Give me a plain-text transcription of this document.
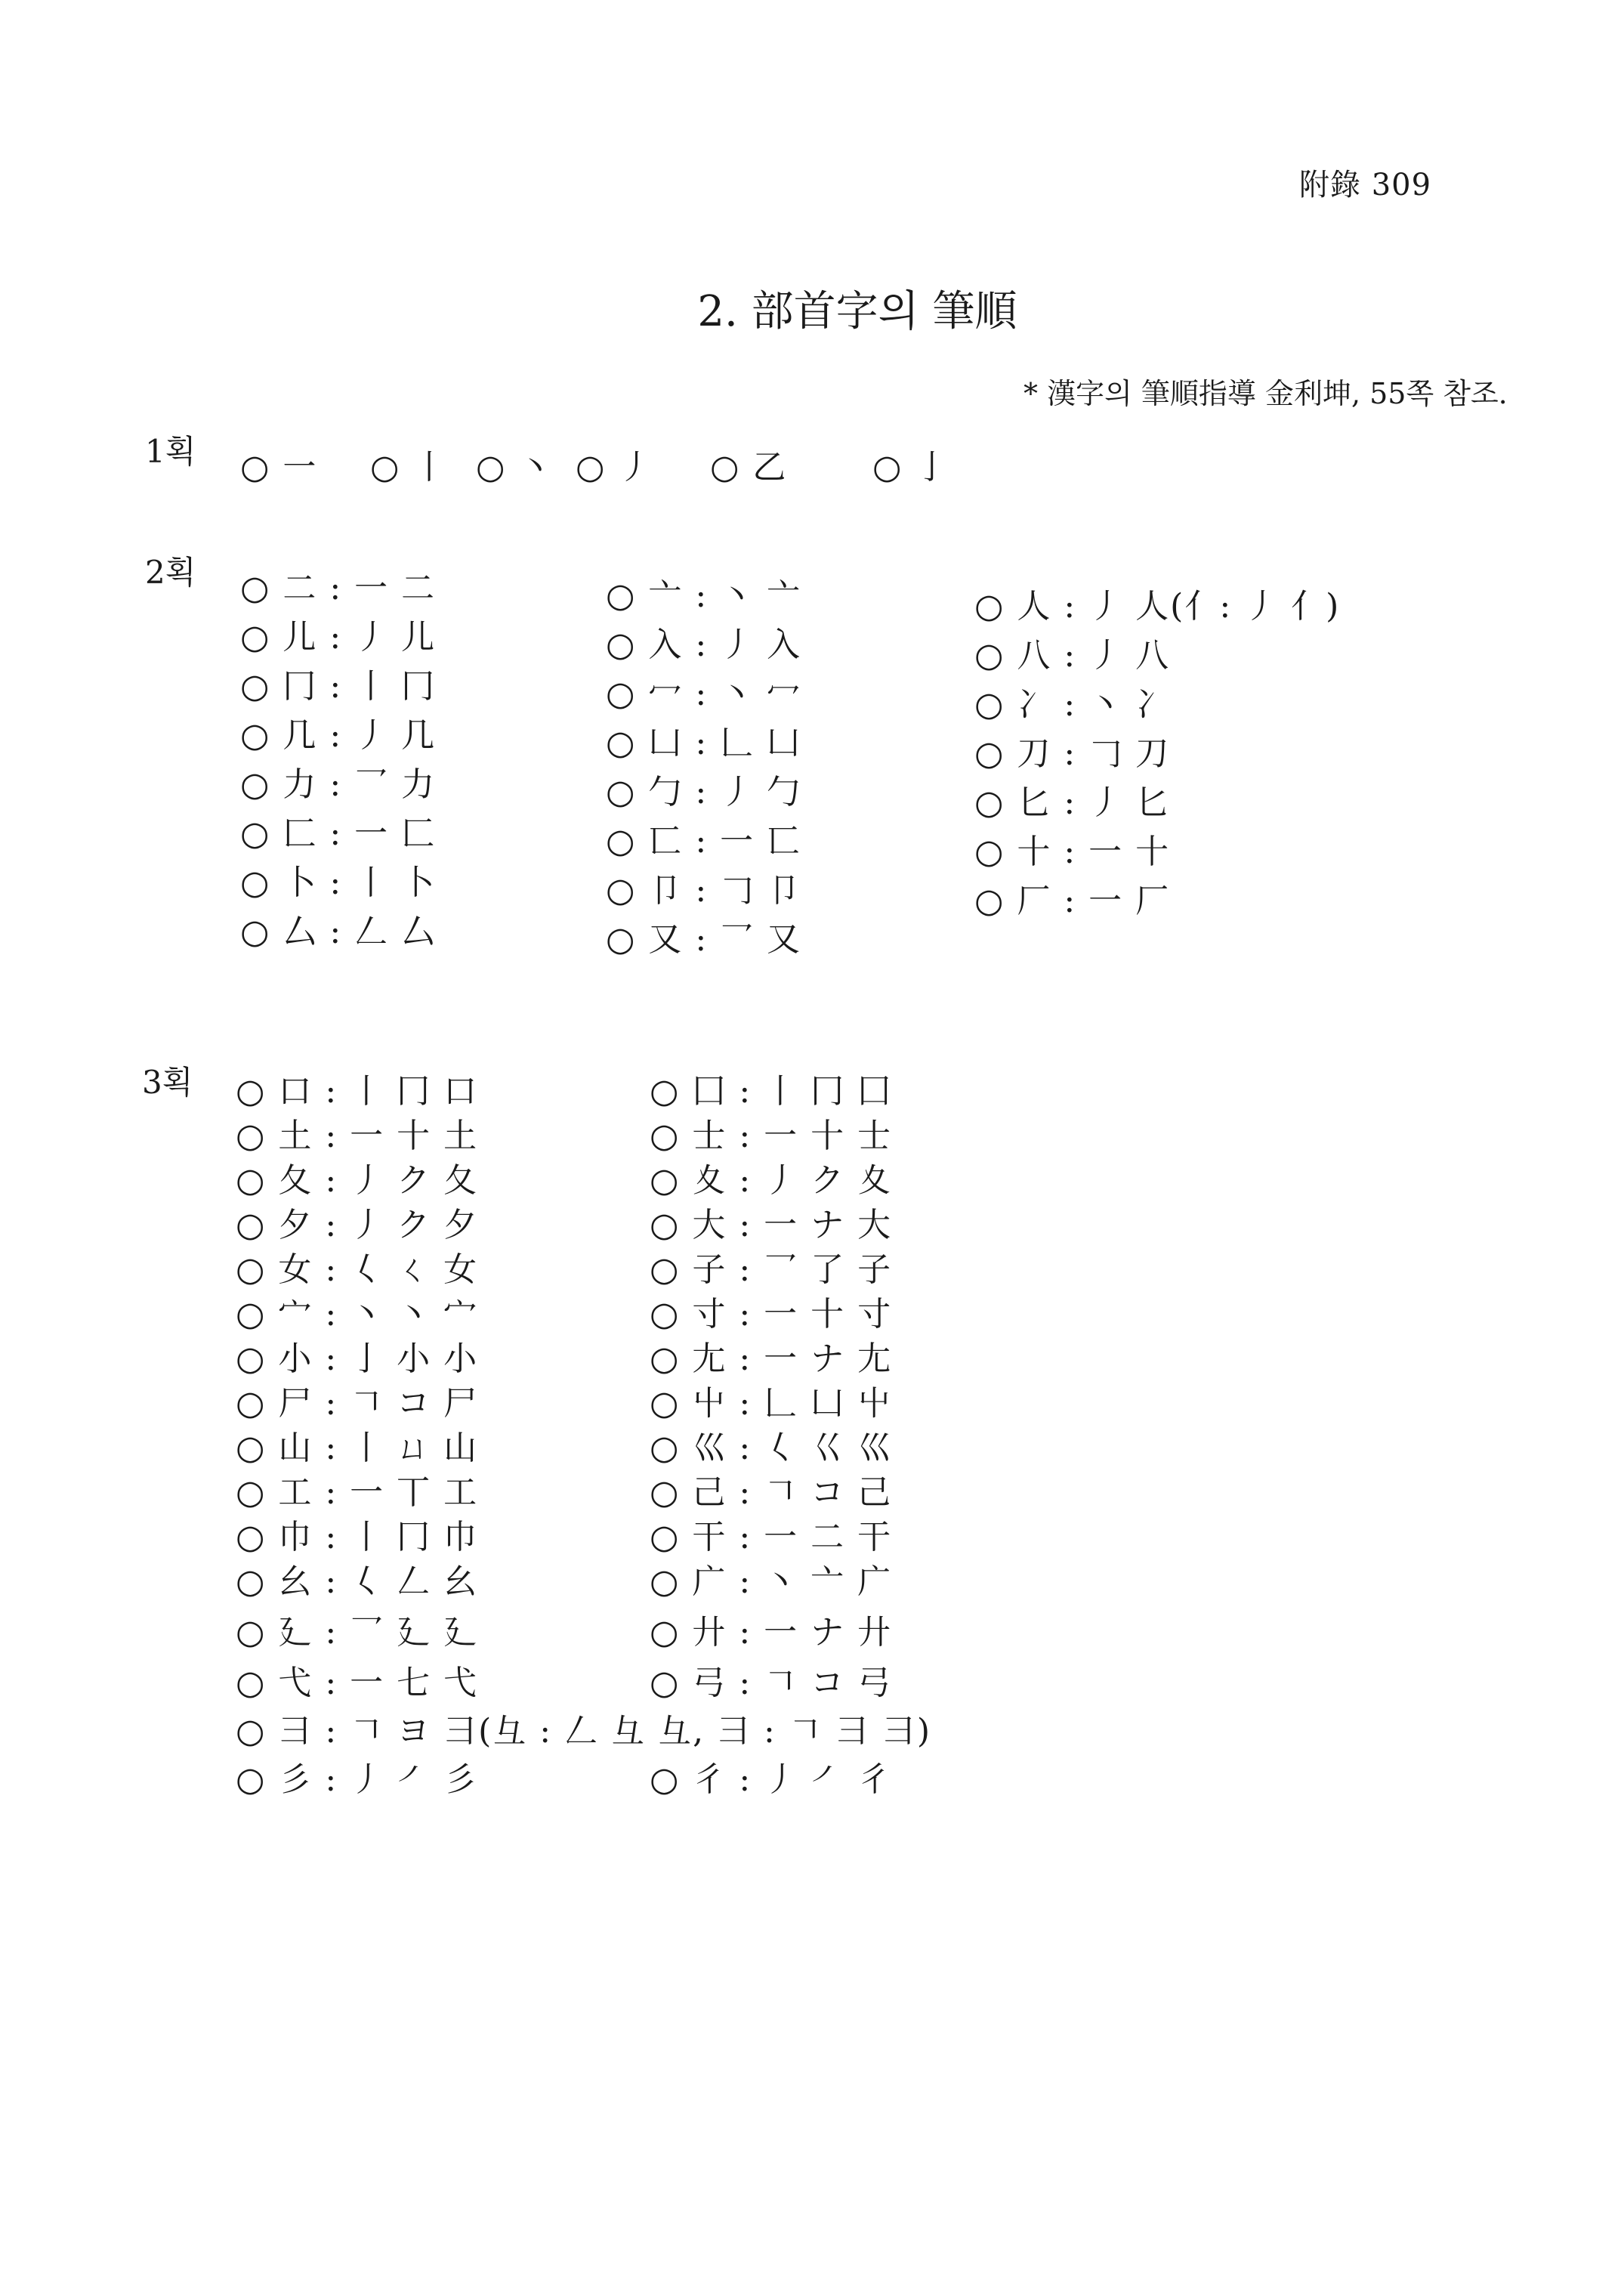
附錄 309
2. 部首字의 筆順
* 漢字의 筆順指導 金利坤, 55쪽 참조.
1획 ○ 一 ○ 丨 ○ 丶 ○ 丿 ○ 乙	○ 亅
2획 ○ 二 : 一 二
○ 儿 : 丿 儿
○ 冂 : 丨 冂
○ 几 : 丿 几
○ 力 : 乛 力
○ 匚 : 一 匚
○ 卜 : 丨 卜
○ 厶 : 𠃋 厶
○ 亠 : 丶 亠
○ 入 : 丿 入
○ 冖 : 丶 冖
○ 凵 : 𠃊 凵
○ 勹 : 丿 勹
○ 匸 : 一 匸
○ 卩 : 𠃌 卩
○ 又 : 乛 又
○ 人 : 丿 人(亻: 丿 亻)
○ 八 : 丿 八
○ 冫 : 丶 冫
○ 刀 : 𠃌 刀
○ 匕 : 丿 匕
○ 十 : 一 十
○ 厂 : 一 厂
3획 ○ 口 : 丨 冂 口
○ 土 : 一 十 土
○ 夂 : 丿 ク 夂
○ 夕 : 丿 ク 夕
○ 女 : 𡿨 ㄑ 女
○ 宀 : 丶 丶 宀
○ 小 : 亅 小 小
○ 尸 : 𠃍 コ 尸
○ 山 : 丨 ㄩ 山
○ 工 : 一 丅 工
○ 巾 : 丨 冂 巾
○ 幺 : 𡿨 𠃋 幺
○ 廴 : 乛 廴 廴
○ 弋 : 一 七 弋
○ 囗 : 丨 冂 囗
○ 士 : 一 十 士
○ 夊 : 丿 ク 夊
○ 大 : 一 ナ 大
○ 子 : 乛 了 子
○ 寸 : 一 十 寸
○ 尢 : 一 ナ 尢
○ 屮 : 𠃊 凵 屮
○ 巛 : 𡿨 巜 巛
○ 己 : 𠃍 コ 己
○ 干 : 一 二 干
○ 广 : 丶 亠 广
○ 廾 : 一 ナ 廾
○ 弓 : 𠃍 コ 弓
○ 彐 : 𠃍 ヨ 彐(彑 : 𠃋 彑 彑, ⺕ : 𠃍 ⺕ ⺕)
○ 彡 : 丿 ㇒ 彡	○ 彳 : 丿 ㇒ 彳
